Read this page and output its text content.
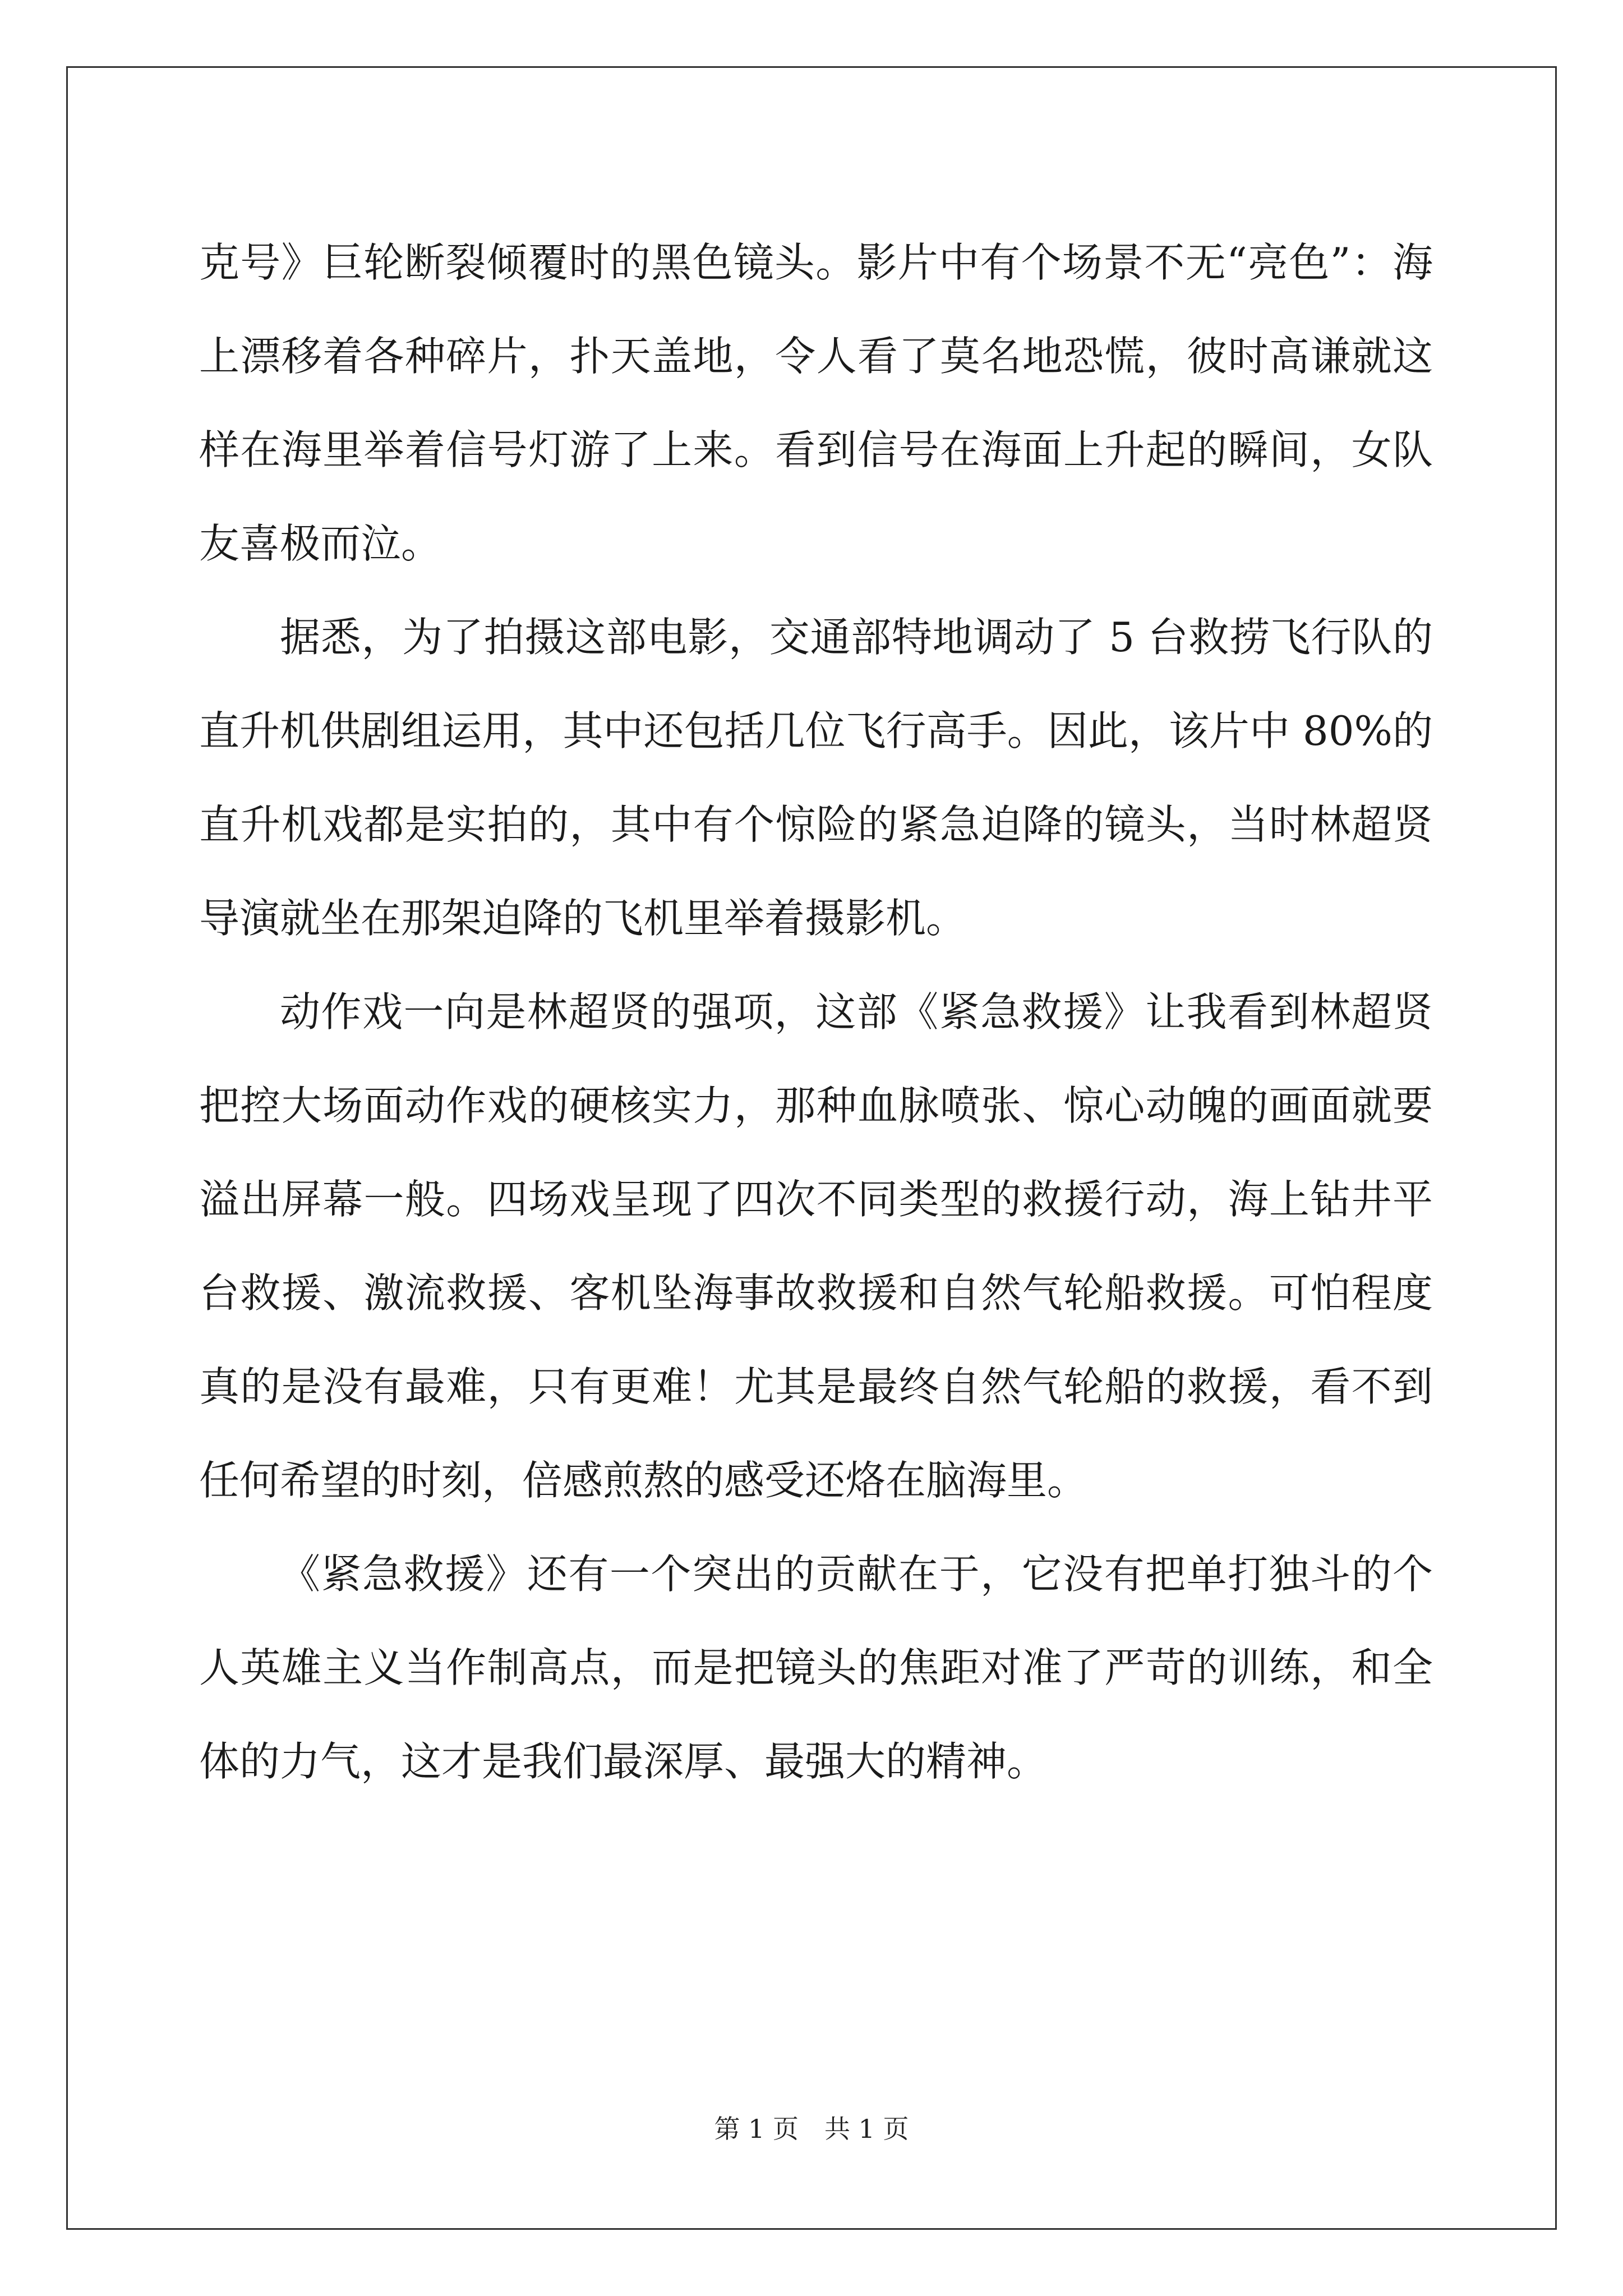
克号》巨轮断裂倾覆时的黑色镜头。影片中有个场景不无“亮色”：海上漂移着各种碎片，扑天盖地，令人看了莫名地恐慌，彼时高谦就这样在海里举着信号灯游了上来。看到信号在海面上升起的瞬间，女队友喜极而泣。

据悉，为了拍摄这部电影，交通部特地调动了 5 台救捞飞行队的直升机供剧组运用，其中还包括几位飞行高手。因此，该片中 80%的直升机戏都是实拍的，其中有个惊险的紧急迫降的镜头，当时林超贤导演就坐在那架迫降的飞机里举着摄影机。

动作戏一向是林超贤的强项，这部《紧急救援》让我看到林超贤把控大场面动作戏的硬核实力，那种血脉喷张、惊心动魄的画面就要溢出屏幕一般。四场戏呈现了四次不同类型的救援行动，海上钻井平台救援、激流救援、客机坠海事故救援和自然气轮船救援。可怕程度真的是没有最难，只有更难！尤其是最终自然气轮船的救援，看不到任何希望的时刻，倍感煎熬的感受还烙在脑海里。

《紧急救援》还有一个突出的贡献在于，它没有把单打独斗的个人英雄主义当作制高点，而是把镜头的焦距对准了严苛的训练，和全体的力气，这才是我们最深厚、最强大的精神。

第 1 页　共 1 页
